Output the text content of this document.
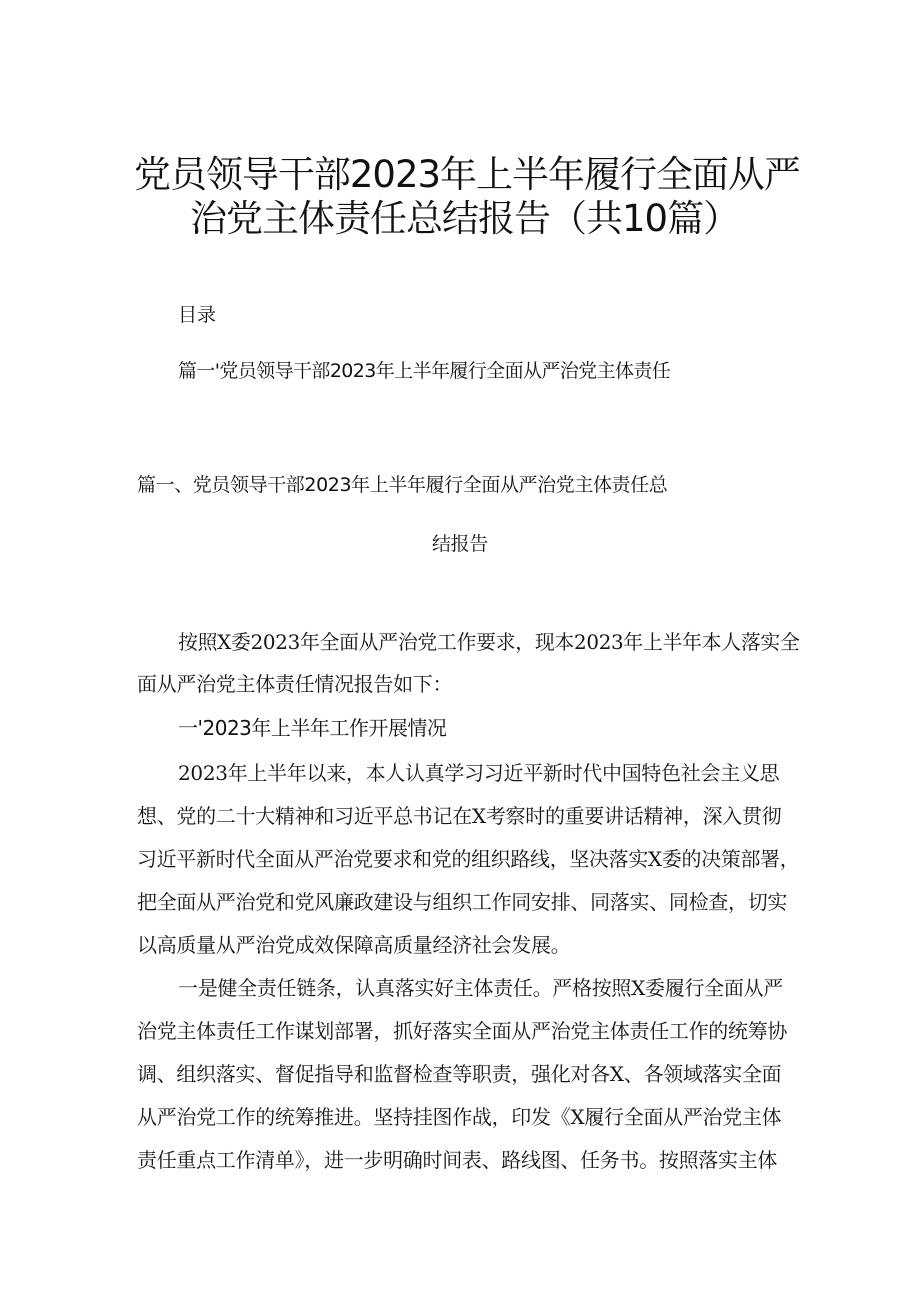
党员领导干部2023年上半年履行全面从严
治党主体责任总结报告（共10篇）
目录
篇一'党员领导干部2023年上半年履行全面从严治党主体责任
篇一、党员领导干部2023年上半年履行全面从严治党主体责任总
结报告

按照X委2023年全面从严治党工作要求，现本2023年上半年本人落实全

面从严治党主体责任情况报告如下：

一'2023年上半年工作开展情况

2023年上半年以来，本人认真学习习近平新时代中国特色社会主义思

想、党的二十大精神和习近平总书记在X考察时的重要讲话精神，深入贯彻

习近平新时代全面从严治党要求和党的组织路线，坚决落实X委的决策部署，

把全面从严治党和党风廉政建设与组织工作同安排、同落实、同检查，切实

以高质量从严治党成效保障高质量经济社会发展。

一是健全责任链条，认真落实好主体责任。严格按照X委履行全面从严

治党主体责任工作谋划部署，抓好落实全面从严治党主体责任工作的统筹协

调、组织落实、督促指导和监督检查等职责，强化对各X、各领域落实全面

从严治党工作的统筹推进。坚持挂图作战，印发《X履行全面从严治党主体

责任重点工作清单》，进一步明确时间表、路线图、任务书。按照落实主体
